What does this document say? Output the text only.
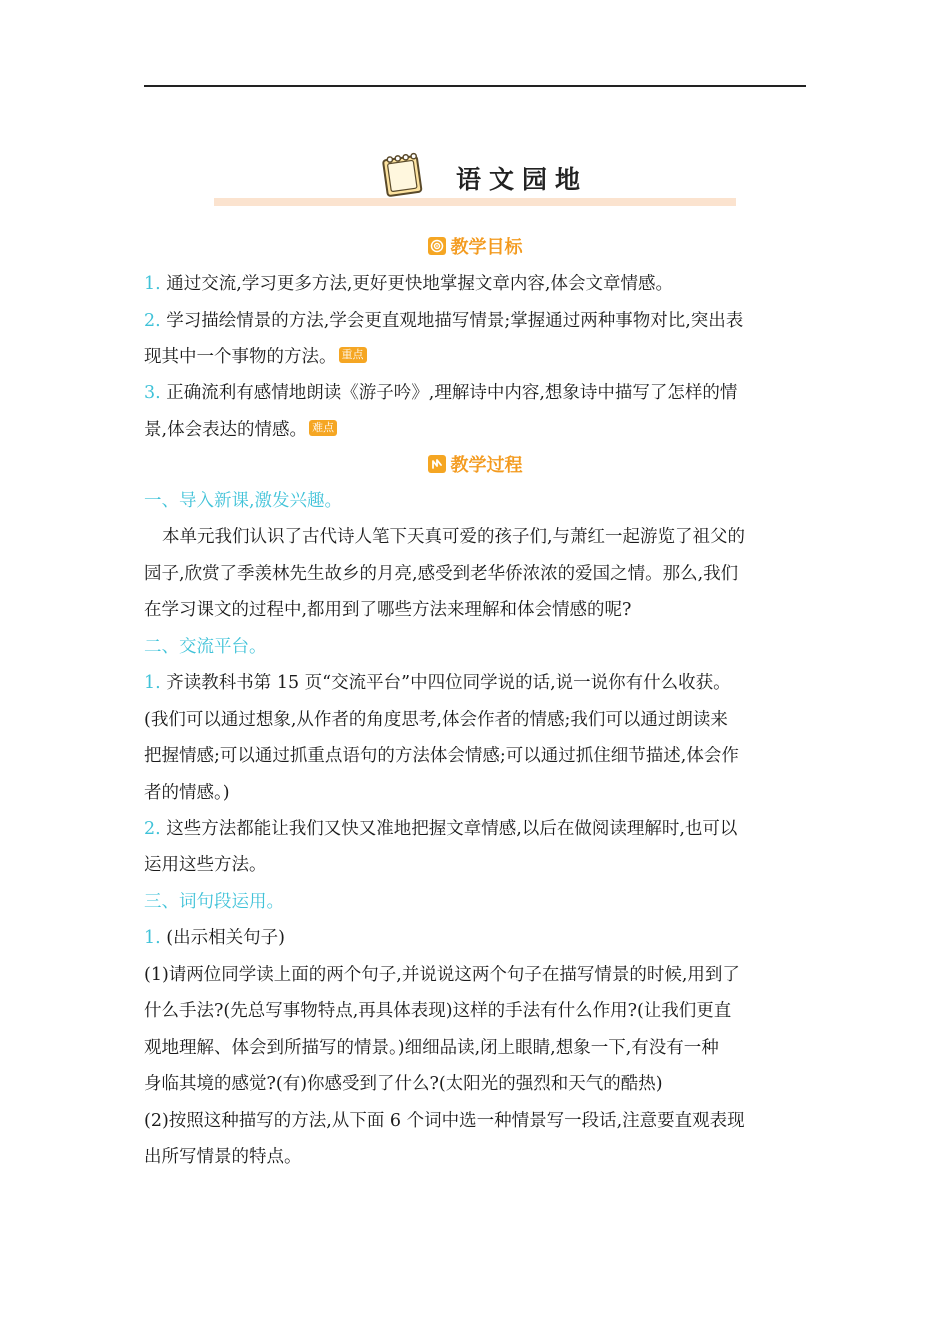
语文园地
教学目标
1. 通过交流,学习更多方法,更好更快地掌握文章内容,体会文章情感。
2. 学习描绘情景的方法,学会更直观地描写情景;掌握通过两种事物对比,突出表
现其中一个事物的方法。 重点
3. 正确流利有感情地朗读《游子吟》,理解诗中内容,想象诗中描写了怎样的情
景,体会表达的情感。 难点
教学过程
一、导入新课,激发兴趣。
本单元我们认识了古代诗人笔下天真可爱的孩子们,与萧红一起游览了祖父的
园子,欣赏了季羡林先生故乡的月亮,感受到老华侨浓浓的爱国之情。那么,我们
在学习课文的过程中,都用到了哪些方法来理解和体会情感的呢?
二、交流平台。
1. 齐读教科书第 15 页“交流平台”中四位同学说的话,说一说你有什么收获。
(我们可以通过想象,从作者的角度思考,体会作者的情感;我们可以通过朗读来
把握情感;可以通过抓重点语句的方法体会情感;可以通过抓住细节描述,体会作
者的情感。)
2. 这些方法都能让我们又快又准地把握文章情感,以后在做阅读理解时,也可以
运用这些方法。
三、词句段运用。
1. (出示相关句子)
(1)请两位同学读上面的两个句子,并说说这两个句子在描写情景的时候,用到了
什么手法?(先总写事物特点,再具体表现)这样的手法有什么作用?(让我们更直
观地理解、体会到所描写的情景。)细细品读,闭上眼睛,想象一下,有没有一种
身临其境的感觉?(有)你感受到了什么?(太阳光的强烈和天气的酷热)
(2)按照这种描写的方法,从下面 6 个词中选一种情景写一段话,注意要直观表现
出所写情景的特点。
